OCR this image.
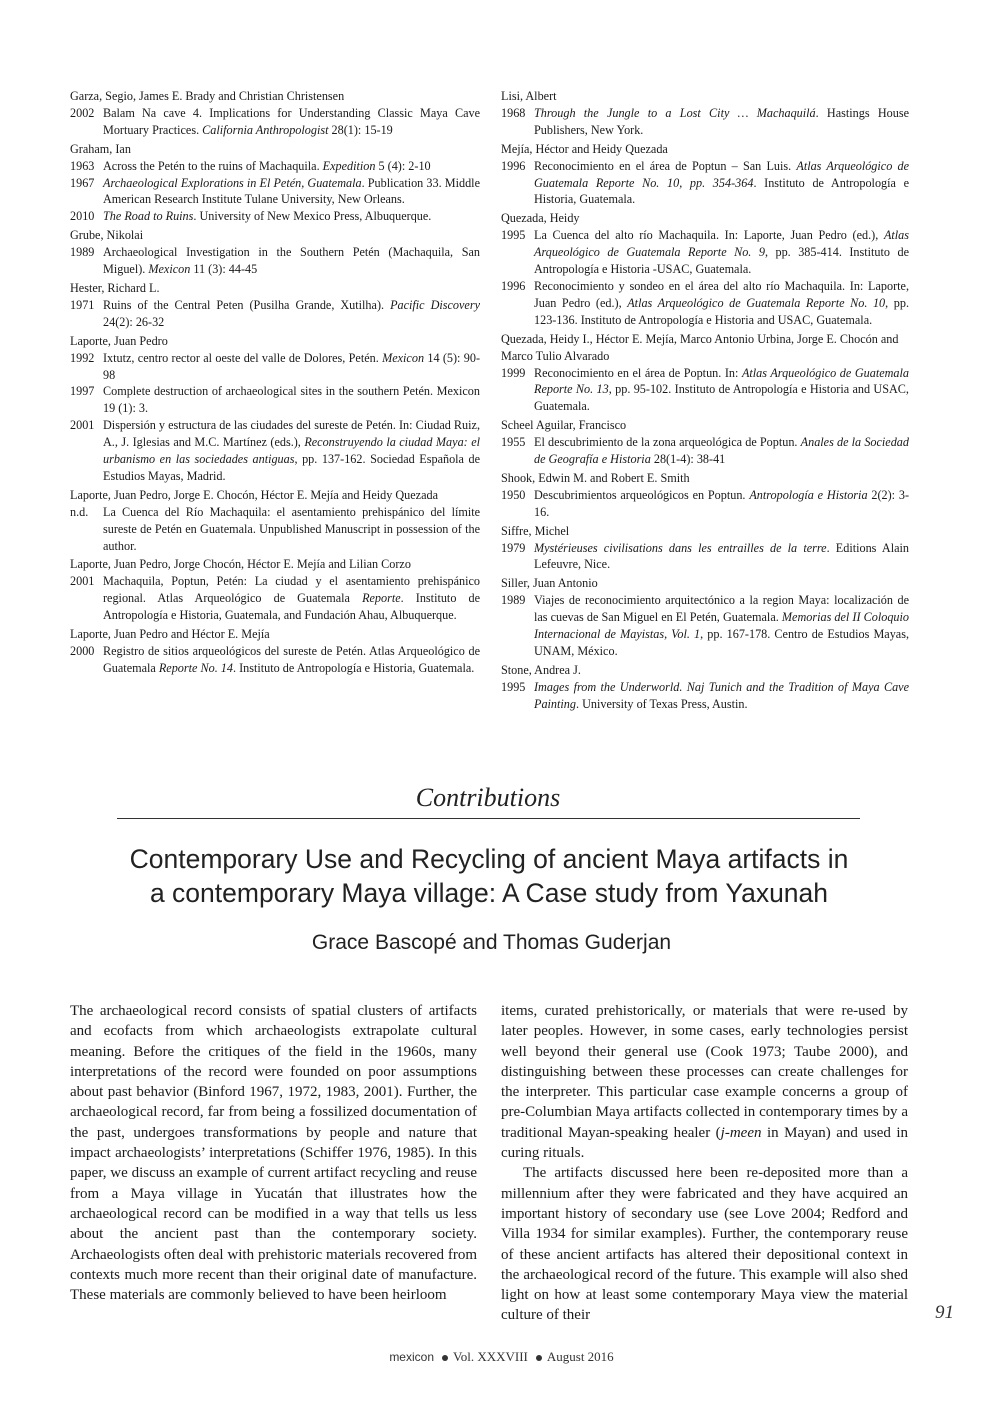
Garza, Segio, James E. Brady and Christian Christensen
2002 Balam Na cave 4. Implications for Understanding Classic Maya Cave Mortuary Practices. California Anthropologist 28(1): 15-19
Graham, Ian
1963 Across the Petén to the ruins of Machaquila. Expedition 5 (4): 2-10
1967 Archaeological Explorations in El Petén, Guatemala. Publication 33. Middle American Research Institute Tulane University, New Orleans.
2010 The Road to Ruins. University of New Mexico Press, Albuquerque.
Grube, Nikolai
1989 Archaeological Investigation in the Southern Petén (Machaquila, San Miguel). Mexicon 11 (3): 44-45
Hester, Richard L.
1971 Ruins of the Central Peten (Pusilha Grande, Xutilha). Pacific Discovery 24(2): 26-32
Laporte, Juan Pedro
1992 Ixtutz, centro rector al oeste del valle de Dolores, Petén. Mexicon 14 (5): 90-98
1997 Complete destruction of archaeological sites in the southern Petén. Mexicon 19 (1): 3.
2001 Dispersión y estructura de las ciudades del sureste de Petén. In: Ciudad Ruiz, A., J. Iglesias and M.C. Martínez (eds.), Reconstruyendo la ciudad Maya: el urbanismo en las sociedades antiguas, pp. 137-162. Sociedad Española de Estudios Mayas, Madrid.
Laporte, Juan Pedro, Jorge E. Chocón, Héctor E. Mejía and Heidy Quezada
n.d.	La Cuenca del Río Machaquila: el asentamiento prehispánico del límite sureste de Petén en Guatemala. Unpublished Manuscript in possession of the author.
Laporte, Juan Pedro, Jorge Chocón, Héctor E. Mejía and Lilian Corzo
2001 Machaquila, Poptun, Petén: La ciudad y el asentamiento prehispánico regional. Atlas Arqueológico de Guatemala Reporte. Instituto de Antropología e Historia, Guatemala, and Fundación Ahau, Albuquerque.
Laporte, Juan Pedro and Héctor E. Mejía
2000 Registro de sitios arqueológicos del sureste de Petén. Atlas Arqueológico de Guatemala Reporte No. 14. Instituto de Antropología e Historia, Guatemala.
Lisi, Albert
1968 Through the Jungle to a Lost City … Machaquilá. Hastings House Publishers, New York.
Mejía, Héctor and Heidy Quezada
1996 Reconocimiento en el área de Poptun – San Luis. Atlas Arqueológico de Guatemala Reporte No. 10, pp. 354-364. Instituto de Antropología e Historia, Guatemala.
Quezada, Heidy
1995 La Cuenca del alto río Machaquila. In: Laporte, Juan Pedro (ed.), Atlas Arqueológico de Guatemala Reporte No. 9, pp. 385-414. Instituto de Antropología e Historia -USAC, Guatemala.
1996 Reconocimiento y sondeo en el área del alto río Machaquila. In: Laporte, Juan Pedro (ed.), Atlas Arqueológico de Guatemala Reporte No. 10, pp. 123-136. Instituto de Antropología e Historia and USAC, Guatemala.
Quezada, Heidy I., Héctor E. Mejía, Marco Antonio Urbina, Jorge E. Chocón and Marco Tulio Alvarado
1999 Reconocimiento en el área de Poptun. In: Atlas Arqueológico de Guatemala Reporte No. 13, pp. 95-102. Instituto de Antropología e Historia and USAC, Guatemala.
Scheel Aguilar, Francisco
1955 El descubrimiento de la zona arqueológica de Poptun. Anales de la Sociedad de Geografía e Historia 28(1-4): 38-41
Shook, Edwin M. and Robert E. Smith
1950 Descubrimientos arqueológicos en Poptun. Antropología e Historia 2(2): 3-16.
Siffre, Michel
1979 Mystérieuses civilisations dans les entrailles de la terre. Editions Alain Lefeuvre, Nice.
Siller, Juan Antonio
1989 Viajes de reconocimiento arquitectónico a la region Maya: localización de las cuevas de San Miguel en El Petén, Guatemala. Memorias del II Coloquio Internacional de Mayistas, Vol. 1, pp. 167-178. Centro de Estudios Mayas, UNAM, México.
Stone, Andrea J.
1995 Images from the Underworld. Naj Tunich and the Tradition of Maya Cave Painting. University of Texas Press, Austin.
Contributions
Contemporary Use and Recycling of ancient Maya artifacts in
a contemporary Maya village: A Case study from Yaxunah
Grace Bascopé and Thomas Guderjan

The archaeological record consists of spatial clusters of artifacts and ecofacts from which archaeologists extrapolate cultural meaning. Before the critiques of the field in the 1960s, many interpretations of the record were founded on poor assumptions about past behavior (Binford 1967, 1972, 1983, 2001). Further, the archaeological record, far from being a fossilized documentation of the past, undergoes transformations by people and nature that impact archaeologists’ interpretations (Schiffer 1976, 1985). In this paper, we discuss an example of current artifact recycling and reuse from a Maya village in Yucatán that illustrates how the archaeological record can be modified in a way that tells us less about the ancient past than the contemporary society. Archaeologists often deal with prehistoric materials recovered from contexts much more recent than their original date of manufacture. These materials are commonly believed to have been heirloom

items, curated prehistorically, or materials that were re-used by later peoples. However, in some cases, early technologies persist well beyond their general use (Cook 1973; Taube 2000), and distinguishing between these processes can create challenges for the interpreter. This particular case example concerns a group of pre-Columbian Maya artifacts collected in contemporary times by a traditional Mayan-speaking healer (j-meen in Mayan) and used in curing rituals.

The artifacts discussed here been re-deposited more than a millennium after they were fabricated and they have acquired an important history of secondary use (see Love 2004; Redford and Villa 1934 for similar examples). Further, the contemporary reuse of these ancient artifacts has altered their depositional context in the archaeological record of the future. This example will also shed light on how at least some contemporary Maya view the material culture of their	91
mexicon Vol. XXXVIII August 2016
